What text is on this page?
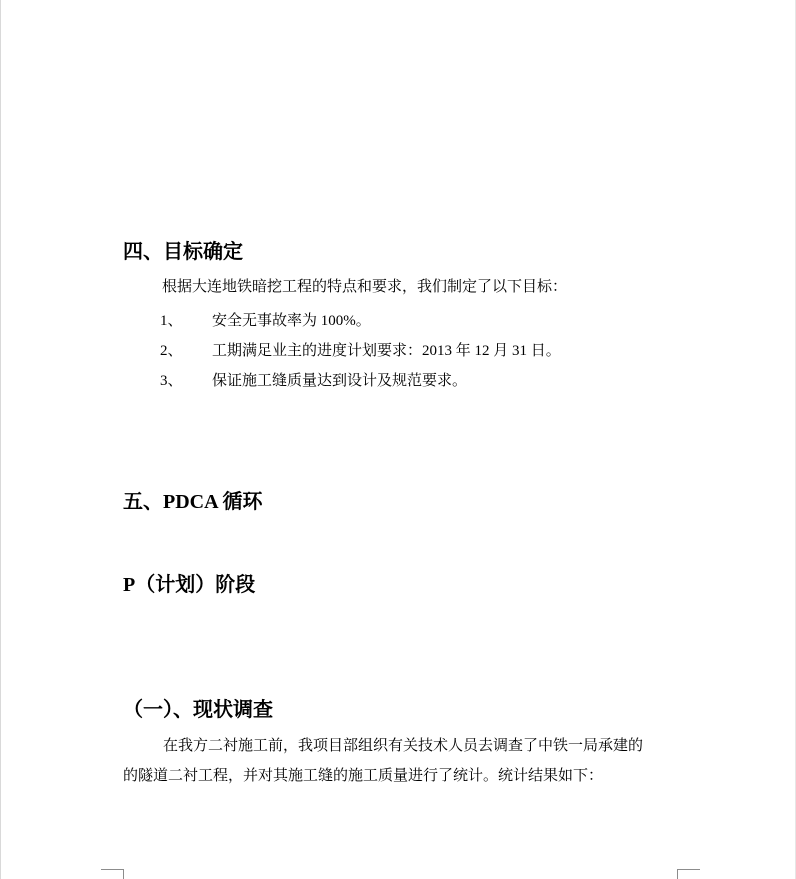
四、目标确定

根据大连地铁暗挖工程的特点和要求，我们制定了以下目标：

1、 安全无事故率为 100%。
2、 工期满足业主的进度计划要求：2013 年 12 月 31 日。
3、 保证施工缝质量达到设计及规范要求。
五、PDCA 循环
P（计划）阶段
（一）、现状调查

在我方二衬施工前，我项目部组织有关技术人员去调查了中铁一局承建的

的隧道二衬工程，并对其施工缝的施工质量进行了统计。统计结果如下：
